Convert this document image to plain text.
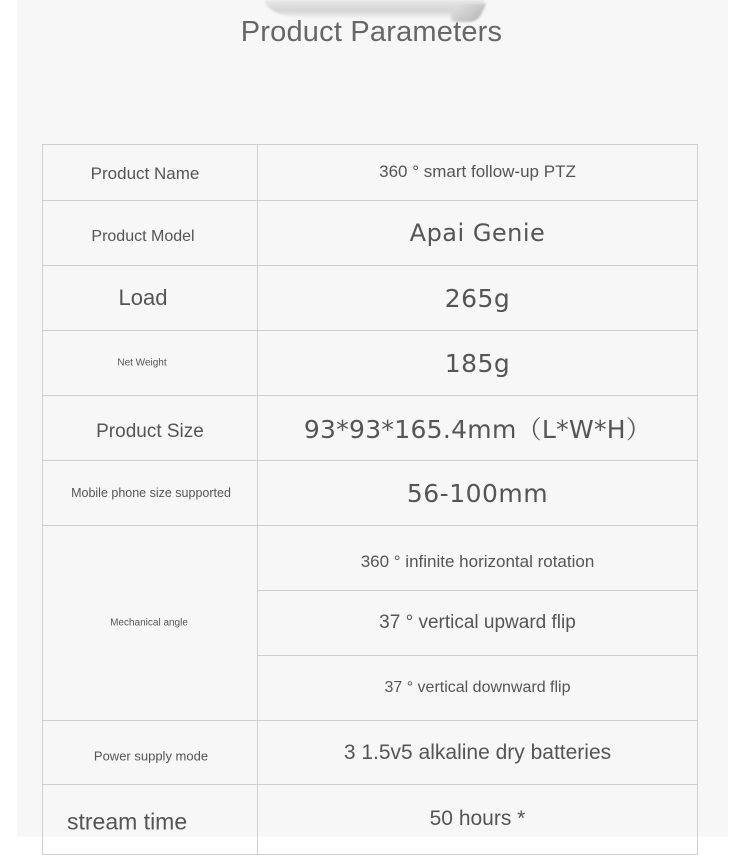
Product Parameters
Product Name	360 ° smart follow-up PTZ

Product Model	Apai Genie

Load	265g

Net Weight	185g

Product Size	93*93*165.4mm（L*W*H）

Mobile phone size supported	56-100mm

Mechanical angle	360 ° infinite horizontal rotation
	37 ° vertical upward flip
	37 ° vertical downward flip

Power supply mode	3 1.5v5 alkaline dry batteries

stream time	50 hours *
